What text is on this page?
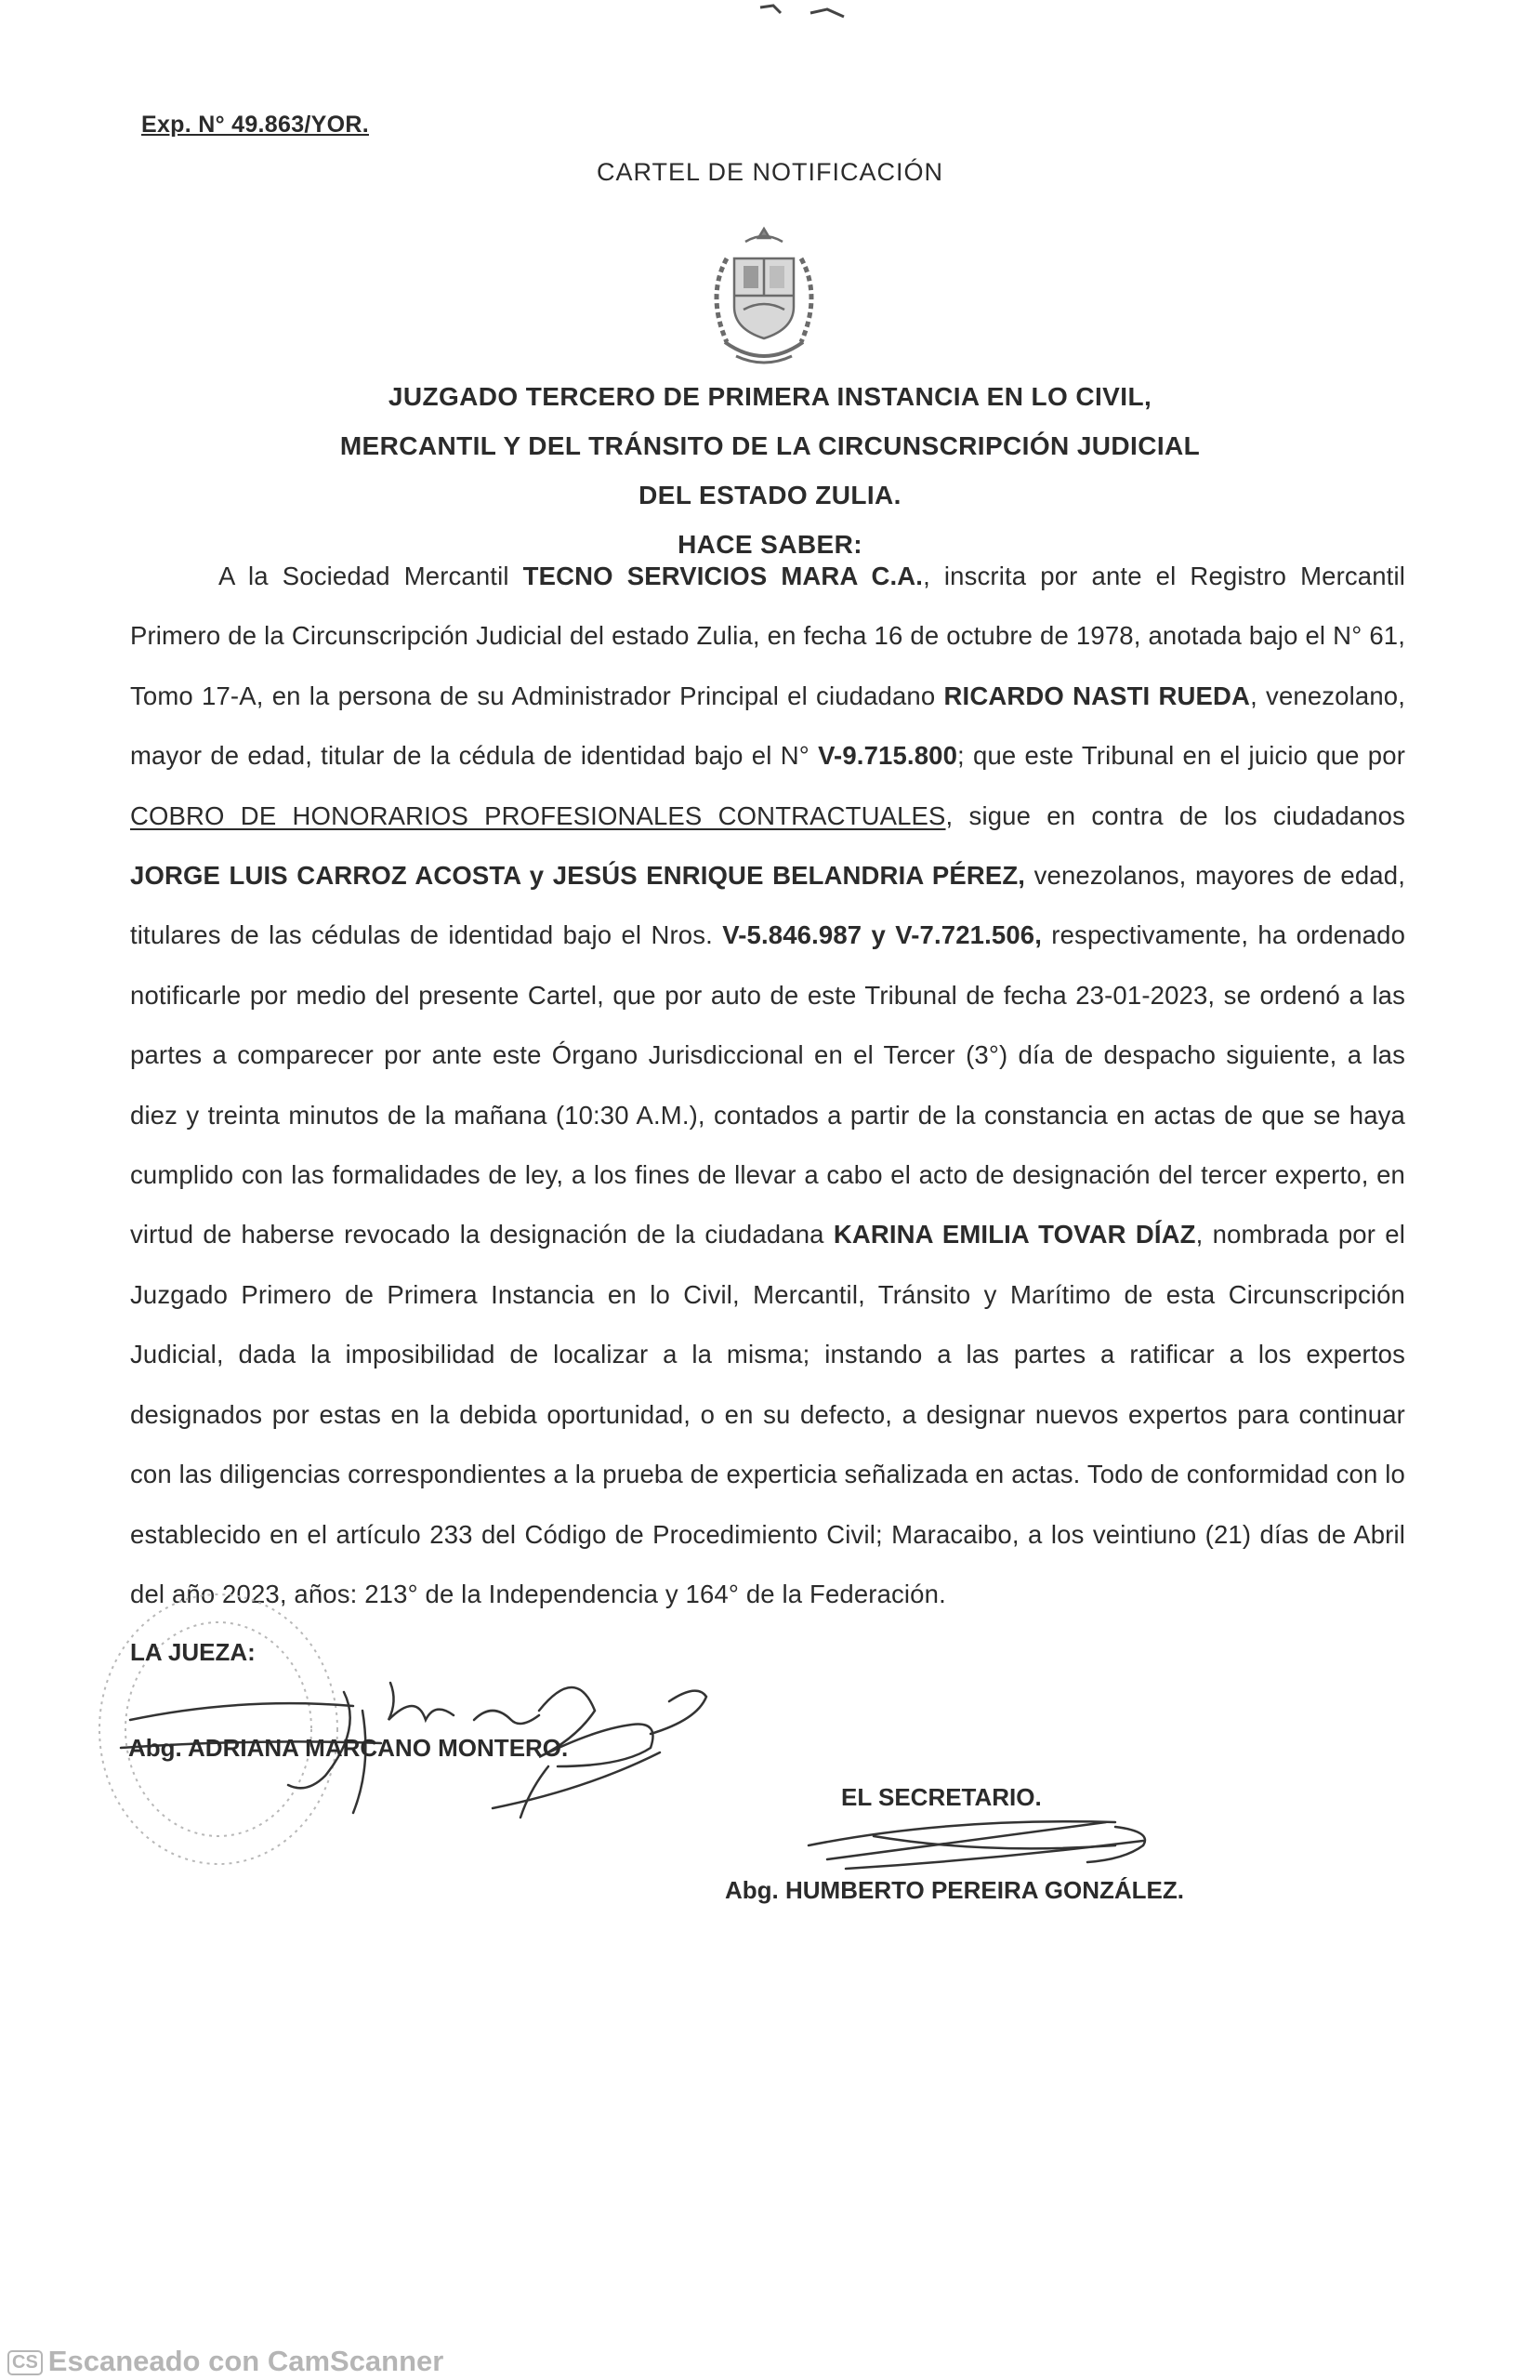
Exp. N° 49.863/YOR.
CARTEL DE NOTIFICACIÓN
JUZGADO TERCERO DE PRIMERA INSTANCIA EN LO CIVIL,
MERCANTIL Y DEL TRÁNSITO DE LA CIRCUNSCRIPCIÓN JUDICIAL
DEL ESTADO ZULIA.
HACE SABER:
A la Sociedad Mercantil TECNO SERVICIOS MARA C.A., inscrita por ante el Registro Mercantil Primero de la Circunscripción Judicial del estado Zulia, en fecha 16 de octubre de 1978, anotada bajo el N° 61, Tomo 17-A, en la persona de su Administrador Principal el ciudadano RICARDO NASTI RUEDA, venezolano, mayor de edad, titular de la cédula de identidad bajo el N° V-9.715.800; que este Tribunal en el juicio que por COBRO DE HONORARIOS PROFESIONALES CONTRACTUALES, sigue en contra de los ciudadanos JORGE LUIS CARROZ ACOSTA y JESÚS ENRIQUE BELANDRIA PÉREZ, venezolanos, mayores de edad, titulares de las cédulas de identidad bajo el Nros. V-5.846.987 y V-7.721.506, respectivamente, ha ordenado notificarle por medio del presente Cartel, que por auto de este Tribunal de fecha 23-01-2023, se ordenó a las partes a comparecer por ante este Órgano Jurisdiccional en el Tercer (3°) día de despacho siguiente, a las diez y treinta minutos de la mañana (10:30 A.M.), contados a partir de la constancia en actas de que se haya cumplido con las formalidades de ley, a los fines de llevar a cabo el acto de designación del tercer experto, en virtud de haberse revocado la designación de la ciudadana KARINA EMILIA TOVAR DÍAZ, nombrada por el Juzgado Primero de Primera Instancia en lo Civil, Mercantil, Tránsito y Marítimo de esta Circunscripción Judicial, dada la imposibilidad de localizar a la misma; instando a las partes a ratificar a los expertos designados por estas en la debida oportunidad, o en su defecto, a designar nuevos expertos para continuar con las diligencias correspondientes a la prueba de experticia señalizada en actas. Todo de conformidad con lo establecido en el artículo 233 del Código de Procedimiento Civil; Maracaibo, a los veintiuno (21) días de Abril del año 2023, años: 213° de la Independencia y 164° de la Federación.
LA JUEZA:
Abg. ADRIANA MARCANO MONTERO.
EL SECRETARIO.
Abg. HUMBERTO PEREIRA GONZÁLEZ.
CS Escaneado con CamScanner
